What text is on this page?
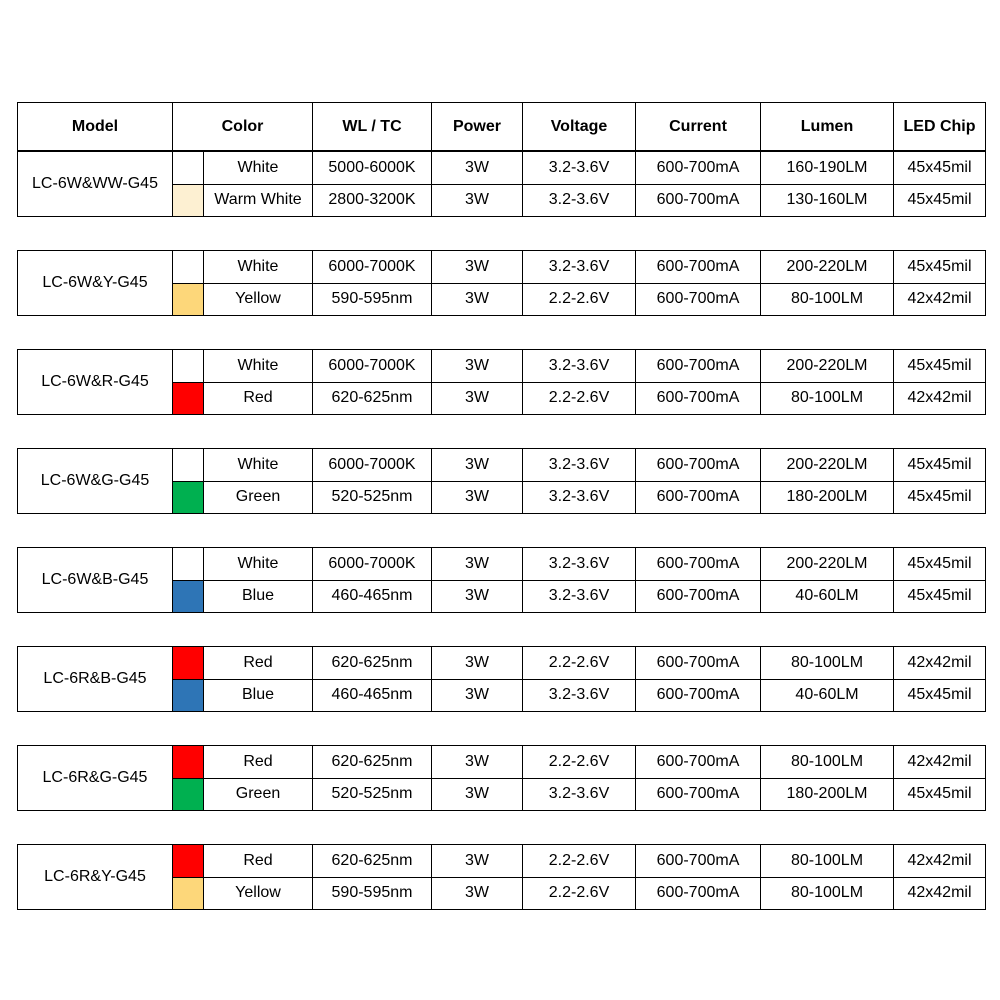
Model	Color	WL / TC	Power	Voltage	Current	Lumen	LED Chip
LC-6W&WW-G45		White	5000-6000K	3W	3.2-3.6V	600-700mA	160-190LM	45x45mil
		Warm White	2800-3200K	3W	3.2-3.6V	600-700mA	130-160LM	45x45mil
LC-6W&Y-G45		White	6000-7000K	3W	3.2-3.6V	600-700mA	200-220LM	45x45mil
		Yellow	590-595nm	3W	2.2-2.6V	600-700mA	80-100LM	42x42mil
LC-6W&R-G45		White	6000-7000K	3W	3.2-3.6V	600-700mA	200-220LM	45x45mil
		Red	620-625nm	3W	2.2-2.6V	600-700mA	80-100LM	42x42mil
LC-6W&G-G45		White	6000-7000K	3W	3.2-3.6V	600-700mA	200-220LM	45x45mil
		Green	520-525nm	3W	3.2-3.6V	600-700mA	180-200LM	45x45mil
LC-6W&B-G45		White	6000-7000K	3W	3.2-3.6V	600-700mA	200-220LM	45x45mil
		Blue	460-465nm	3W	3.2-3.6V	600-700mA	40-60LM	45x45mil
LC-6R&B-G45		Red	620-625nm	3W	2.2-2.6V	600-700mA	80-100LM	42x42mil
		Blue	460-465nm	3W	3.2-3.6V	600-700mA	40-60LM	45x45mil
LC-6R&G-G45		Red	620-625nm	3W	2.2-2.6V	600-700mA	80-100LM	42x42mil
		Green	520-525nm	3W	3.2-3.6V	600-700mA	180-200LM	45x45mil
LC-6R&Y-G45		Red	620-625nm	3W	2.2-2.6V	600-700mA	80-100LM	42x42mil
		Yellow	590-595nm	3W	2.2-2.6V	600-700mA	80-100LM	42x42mil
